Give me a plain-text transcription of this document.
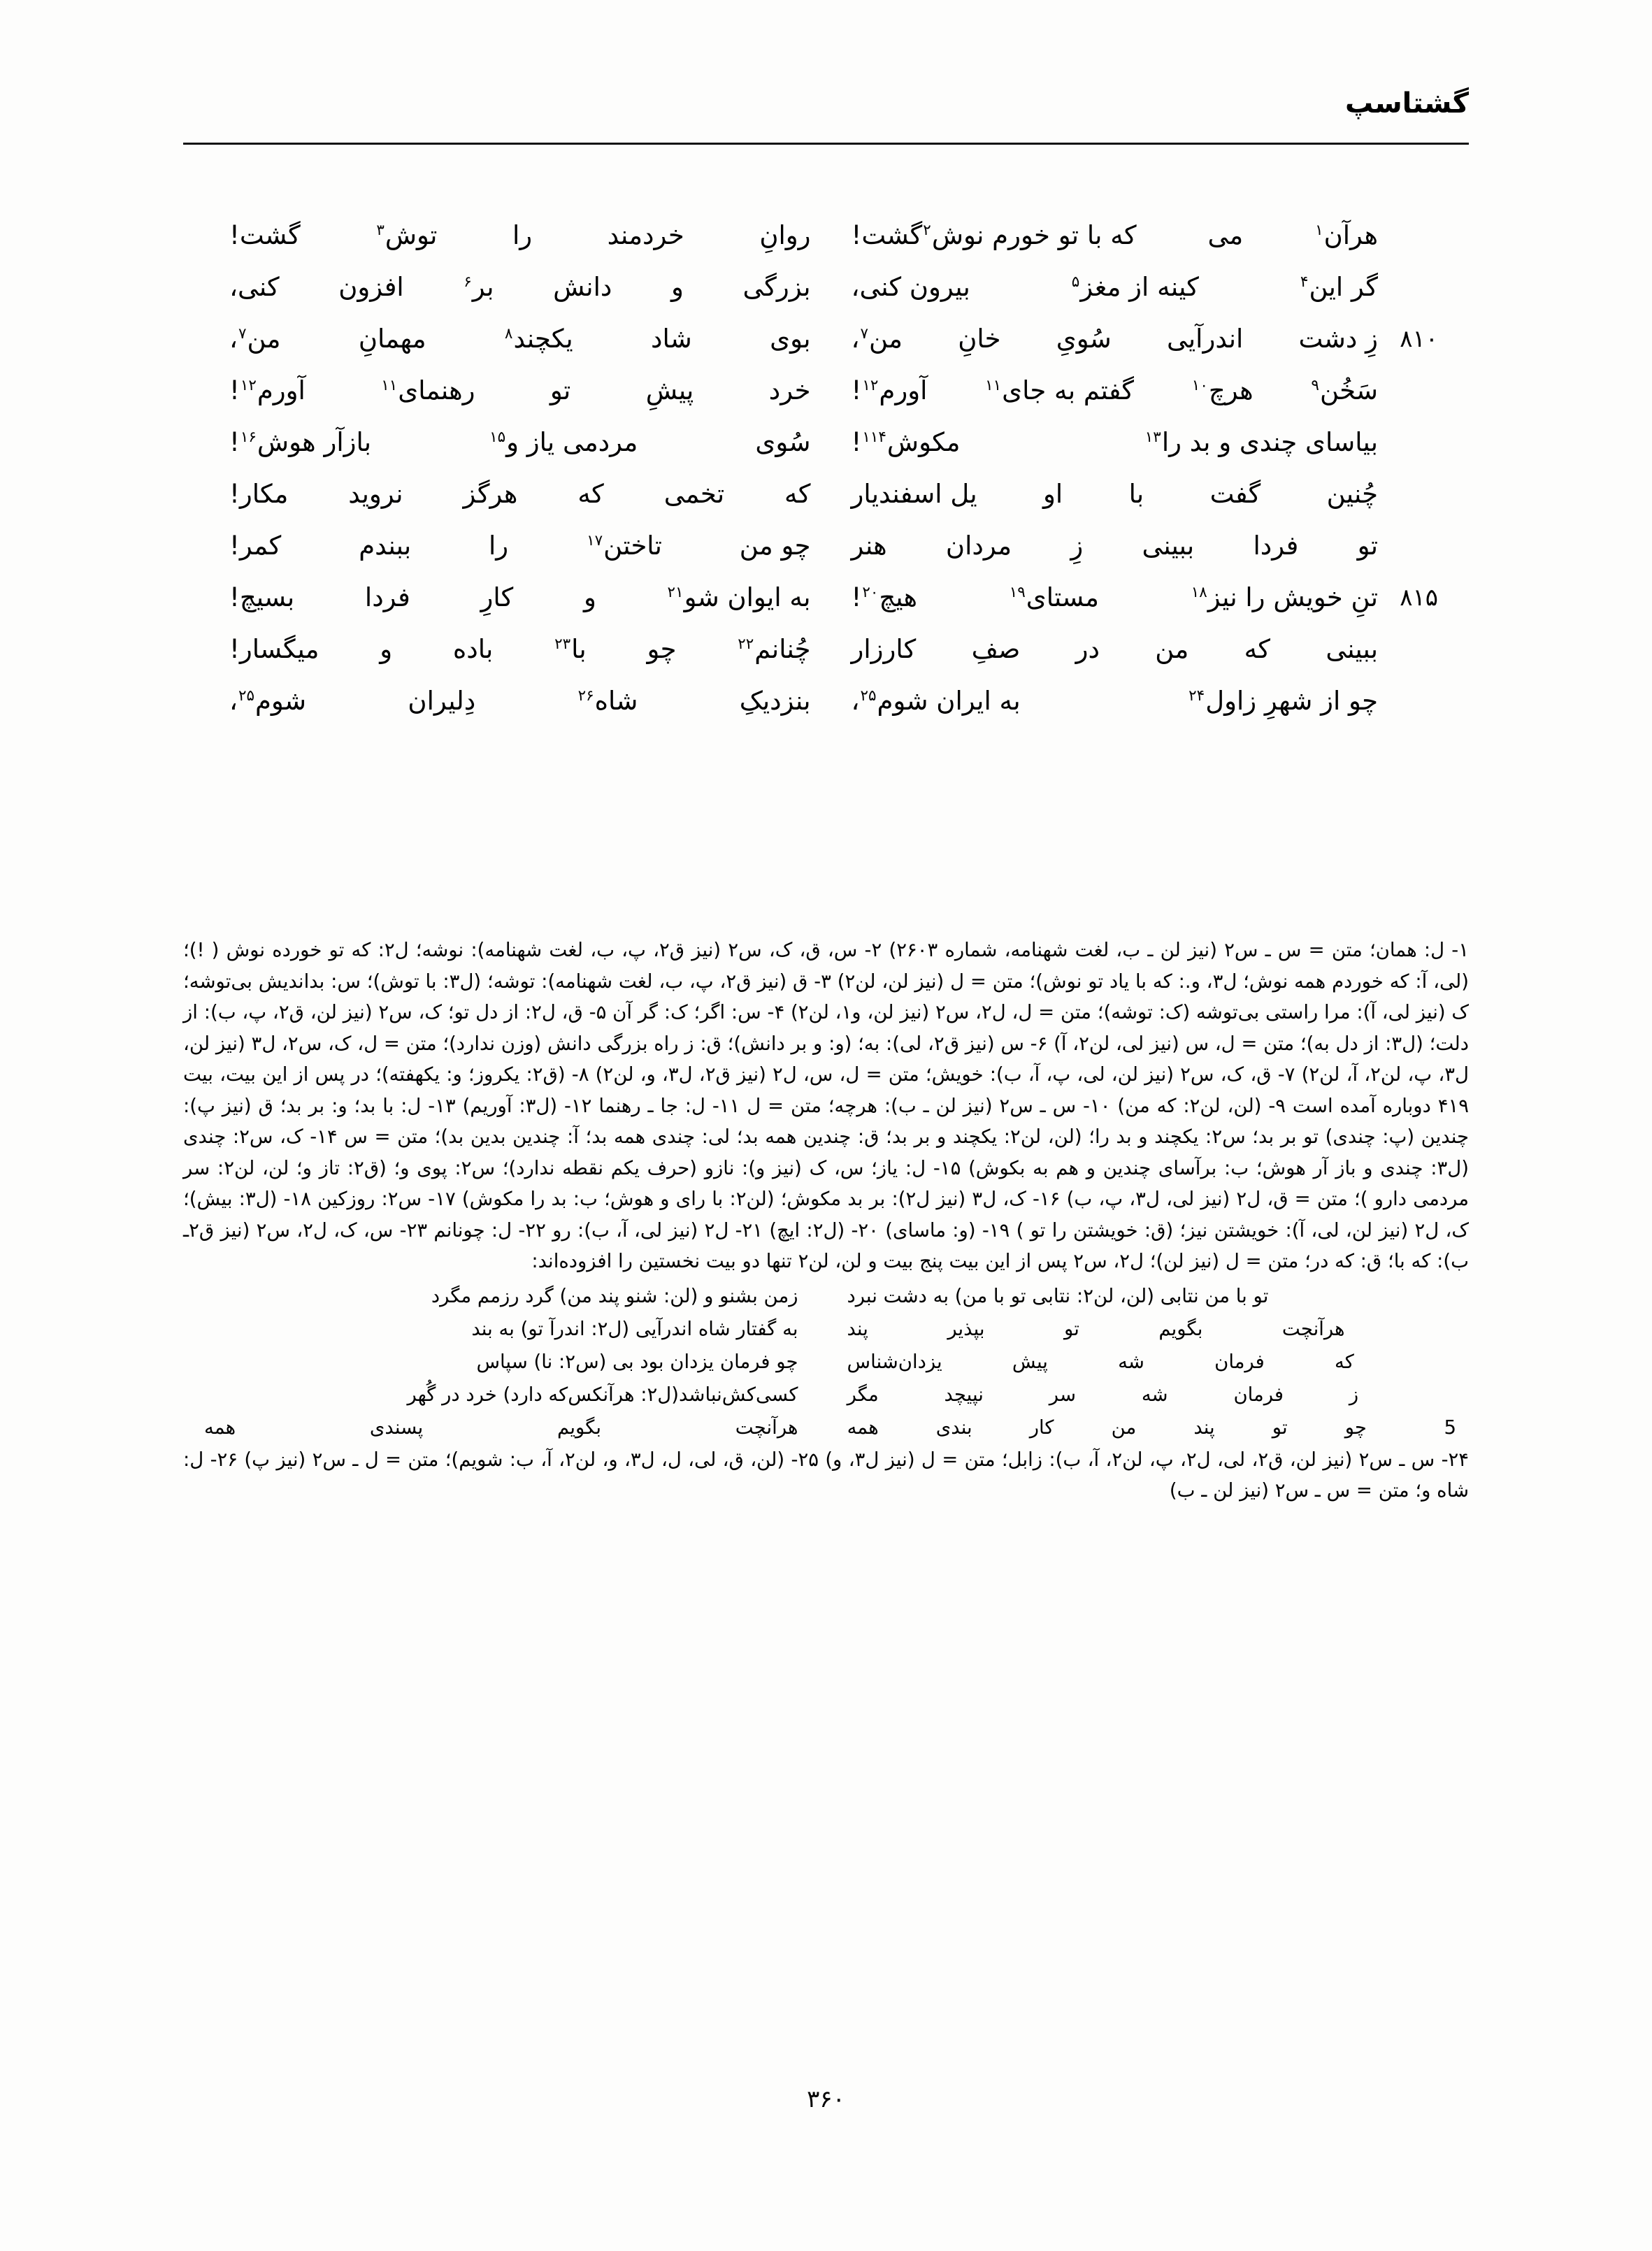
گشتاسپ
هرآن$^۱$
می
که با تو خورم نوش$^۲$گشت!
روانِ
خردمند
را
توش$^۳$
گشت!
گر این$^۴$
کینه از مغز$^۵$
بیرون کنی،
بزرگی
و
دانش
بر$^۶$
افزون
کنی،
۸۱۰
زِ دشت
اندرآیی
سُویِ
خانِ
من$^۷$،
بوی
شاد
یکچند$^۸$
مهمانِ
من$^۷$،
سَخُن$^۹$
هرچ$^{۱۰}$
گفتم به جای$^{۱۱}$
آورم$^{۱۲}$!
خرد
پیشِ
تو
رهنمای$^{۱۱}$
آورم$^{۱۲}$!
بیاسای چندی و بد را$^{۱۳}$
مکوش$^{۱۱۴}$!
سُوی
مردمی یاز و$^{۱۵}$
بازآر هوش$^{۱۶}$!
چُنین
گفت
با
او
یل اسفندیار
که
تخمی
که
هرگز
نروید
مکار!
تو
فردا
ببینی
زِ
مردان
هنر
چو من
تاختن$^{۱۷}$
را
ببندم
کمر!
۸۱۵
تنِ خویش را نیز$^{۱۸}$
مستای$^{۱۹}$
هیچ$^{۲۰}$!
به ایوان شو$^{۲۱}$
و
کارِ
فردا
بسیچ!
ببینی
که
من
در
صفِ
کارزار
چُنانم$^{۲۲}$
چو
با$^{۲۳}$
باده
و
میگسار!
چو از شهرِ زاول$^{۲۴}$
به ایران شوم$^{۲۵}$،
بنزدیکِ
شاه$^{۲۶}$
دِلیران
شوم$^{۲۵}$،

۱- ل: همان؛ متن = س ـ س۲ (نیز لن ـ ب، لغت شهنامه، شماره ۲۶۰۳) ۲- س، ق، ک، س۲ (نیز ق۲، پ، ب، لغت شهنامه): نوشه؛ ل۲: که تو خورده نوش ( !)؛ (لی، آ: که خوردم همه نوش؛ ل۳، و.: که با یاد تو نوش)؛ متن = ل (نیز لن، لن۲) ۳- ق (نیز ق۲، پ، ب، لغت شهنامه): توشه؛ (ل۳: با توش)؛ س: بداندیش بی‌توشه؛ک (نیز لی، آ): مرا راستی بی‌توشه (ک: توشه)؛ متن = ل، ل۲، س۲ (نیز لن، و۱، لن۲) ۴- س: اگر؛ ک: گر آن ۵- ق، ل۲: از دل تو؛ ک، س۲ (نیز لن، ق۲، پ، ب): از دلت؛ (ل۳: از دل به)؛ متن = ل، س (نیز لی، لن۲، آ) ۶- س (نیز ق۲، لی): به؛ (و: و بر دانش)؛ ق: ز راه بزرگی دانش (وزن ندارد)؛ متن = ل، ک، س۲، ل۳ (نیز لن، ل۳، پ، لن۲، آ، لن۲) ۷- ق، ک، س۲ (نیز لن، لی، پ، آ، ب): خویش؛ متن = ل، س، ل۲ (نیز ق۲، ل۳، و، لن۲) ۸- (ق۲: یکروز؛ و: یکهفته)؛ در پس از این بیت، بیت ۴۱۹ دوباره آمده است ۹- (لن، لن۲: که من) ۱۰- س ـ س۲ (نیز لن ـ ب): هرچه؛ متن = ل ۱۱- ل: جا ـ رهنما ۱۲- (ل۳: آوریم) ۱۳- ل: با بد؛ و: بر بد؛ ق (نیز پ): چندین (پ: چندی) تو بر بد؛ س۲: یکچند و بد را؛ (لن، لن۲: یکچند و بر بد؛ ق: چندین همه بد؛ لی: چندی همه بد؛ آ: چندین بدین بد)؛ متن = س ۱۴- ک، س۲: چندی (ل۳: چندی و باز آر هوش؛ ب: برآسای چندین و هم به بکوش) ۱۵- ل: یاز؛ س، ک (نیز و): نازو (حرف یکم نقطه ندارد)؛ س۲: پوی و؛ (ق۲: تاز و؛ لن، لن۲: سر مردمی دارو )؛ متن = ق، ل۲ (نیز لی، ل۳، پ، ب) ۱۶- ک، ل۳ (نیز ل۲): بر بد مکوش؛ (لن۲: با رای و هوش؛ ب: بد را مکوش) ۱۷- س۲: روزکین ۱۸- (ل۳: بیش)؛ک، ل۲ (نیز لن، لی، آ): خویشتن نیز؛ (ق: خویشتن را تو ) ۱۹- (و: ماسای) ۲۰- (ل۲: ایچ) ۲۱- ل۲ (نیز لی، آ، ب): رو ۲۲- ل: چونانم ۲۳- س، ک، ل۲، س۲ (نیز ق۲ـ ب): که با؛ ق: که در؛ متن = ل (نیز لن)؛ ل۲، س۲ پس از این بیت پنج بیت و لن، لن۲ تنها دو بیت نخستین را افزوده‌اند:

تو با من نتابی (لن، لن۲: نتابی تو با من) به دشت نبرد
زمن بشنو و (لن: شنو پند من) گرد رزمم مگرد
هرآنچت
بگویم
تو
بپذیر
پند
به گفتار شاه اندرآیی (ل۲: اندرآ تو) به بند
که
فرمان
شه
پیش
یزدان‌شناس
چو فرمان یزدان بود بی (س۲: نا) سپاس
ز
فرمان
شه
سر
نپیچد
مگر
کسی‌کش‌نباشد(ل۲: هرآنکس‌که دارد) خرد در گُهر
5
چو
تو
پند
من
کار
بندی
همه
هرآنچت
بگویم
پسندی
همه

۲۴- س ـ س۲ (نیز لن، ق۲، لی، ل۲، پ، لن۲، آ، ب): زابل؛ متن = ل (نیز ل۳، و) ۲۵- (لن، ق، لی، ل، ل۳، و، لن۲، آ، ب: شویم)؛ متن = ل ـ س۲ (نیز پ) ۲۶- ل: شاه و؛ متن = س ـ س۲ (نیز لن ـ ب)

۳۶۰
